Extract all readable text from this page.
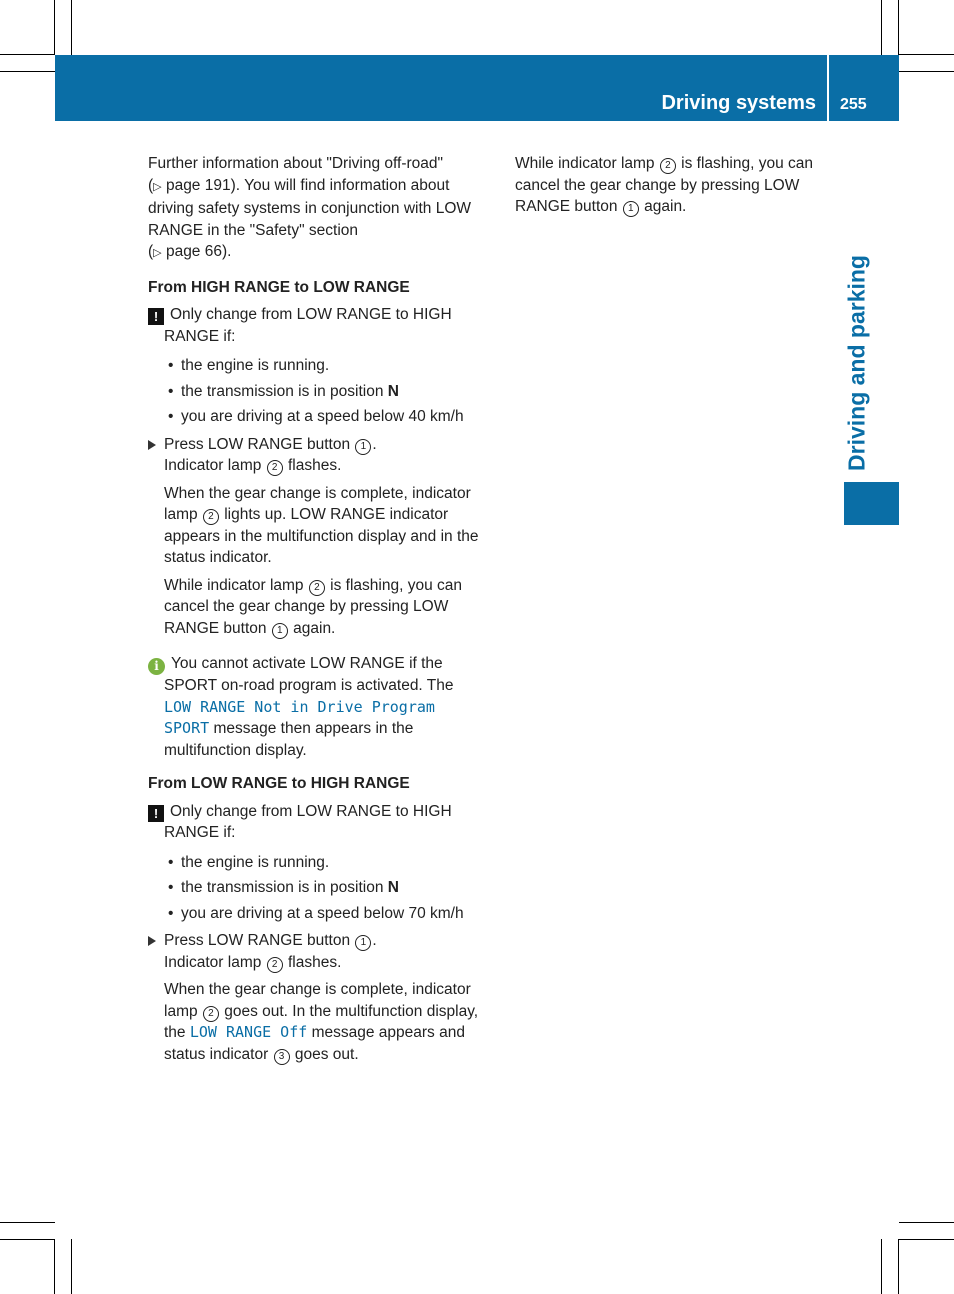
Driving systems 255
Driving and parking

Further information about "Driving off-road"
(▷ page 191). You will find information about driving safety systems in conjunction with LOW RANGE in the "Safety" section
(▷ page 66).

From HIGH RANGE to LOW RANGE

! Only change from LOW RANGE to HIGH RANGE if:

• the engine is running.
• the transmission is in position N
• you are driving at a speed below 40 km/h

Press LOW RANGE button 1 .
Indicator lamp 2 flashes.

When the gear change is complete, indicator lamp 2 lights up. LOW RANGE indicator appears in the multifunction display and in the status indicator.

While indicator lamp 2 is flashing, you can cancel the gear change by pressing LOW RANGE button 1 again.

i You cannot activate LOW RANGE if the SPORT on-road program is activated. The LOW RANGE Not in Drive Program SPORT message then appears in the multifunction display.

From LOW RANGE to HIGH RANGE

! Only change from LOW RANGE to HIGH RANGE if:

• the engine is running.
• the transmission is in position N
• you are driving at a speed below 70 km/h

Press LOW RANGE button 1 .
Indicator lamp 2 flashes.

When the gear change is complete, indicator lamp 2 goes out. In the multifunction display, the LOW RANGE Off message appears and status indicator 3 goes out.

While indicator lamp 2 is flashing, you can cancel the gear change by pressing LOW RANGE button 1 again.
